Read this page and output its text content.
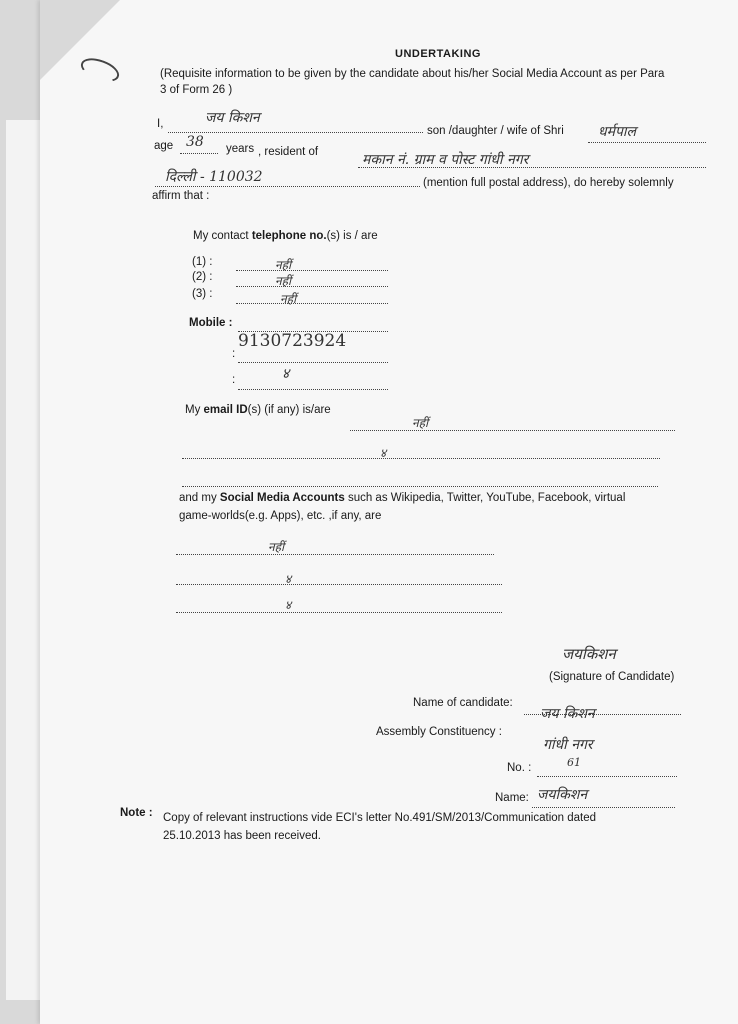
UNDERTAKING
(Requisite information to be given by the candidate about his/her Social Media Account as per Para
3 of Form 26 )
I,	जय किशन
son /daughter / wife of Shri धर्मपाल
age 38 years , resident of	मकान नं. ग्राम व पोस्ट गांधी नगर
दिल्ली - 110032	(mention full postal address), do hereby solemnly
affirm that :
My contact telephone no.(s) is / are
(1) :	नहीं
(2) :	नहीं
(3) :	नहीं
Mobile :
9130723924
:
:	४
My email ID(s) (if any) is/are
नहीं
४
and my Social Media Accounts such as Wikipedia, Twitter, YouTube, Facebook, virtual
game-worlds(e.g. Apps), etc. ,if any, are
नहीं
४
४
जयकिशन
(Signature of Candidate)
Name of candidate:
जय किशन
Assembly Constituency :
गांधी नगर
No. :	61
Name: जयकिशन
Note : Copy of relevant instructions vide ECI's letter No.491/SM/2013/Communication dated
25.10.2013 has been received.
